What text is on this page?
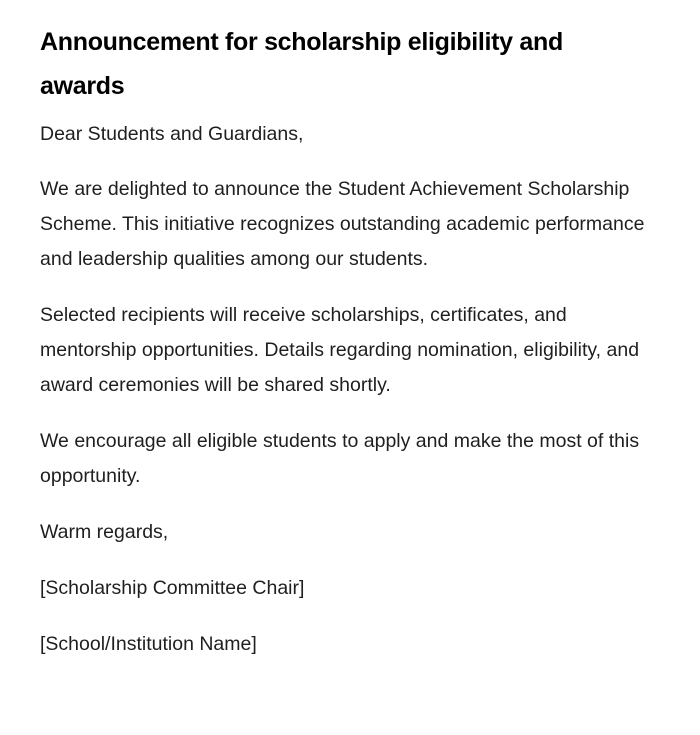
Announcement for scholarship eligibility and awards

Dear Students and Guardians,

We are delighted to announce the Student Achievement Scholarship Scheme. This initiative recognizes outstanding academic performance and leadership qualities among our students.

Selected recipients will receive scholarships, certificates, and mentorship opportunities. Details regarding nomination, eligibility, and award ceremonies will be shared shortly.

We encourage all eligible students to apply and make the most of this opportunity.

Warm regards,

[Scholarship Committee Chair]

[School/Institution Name]
